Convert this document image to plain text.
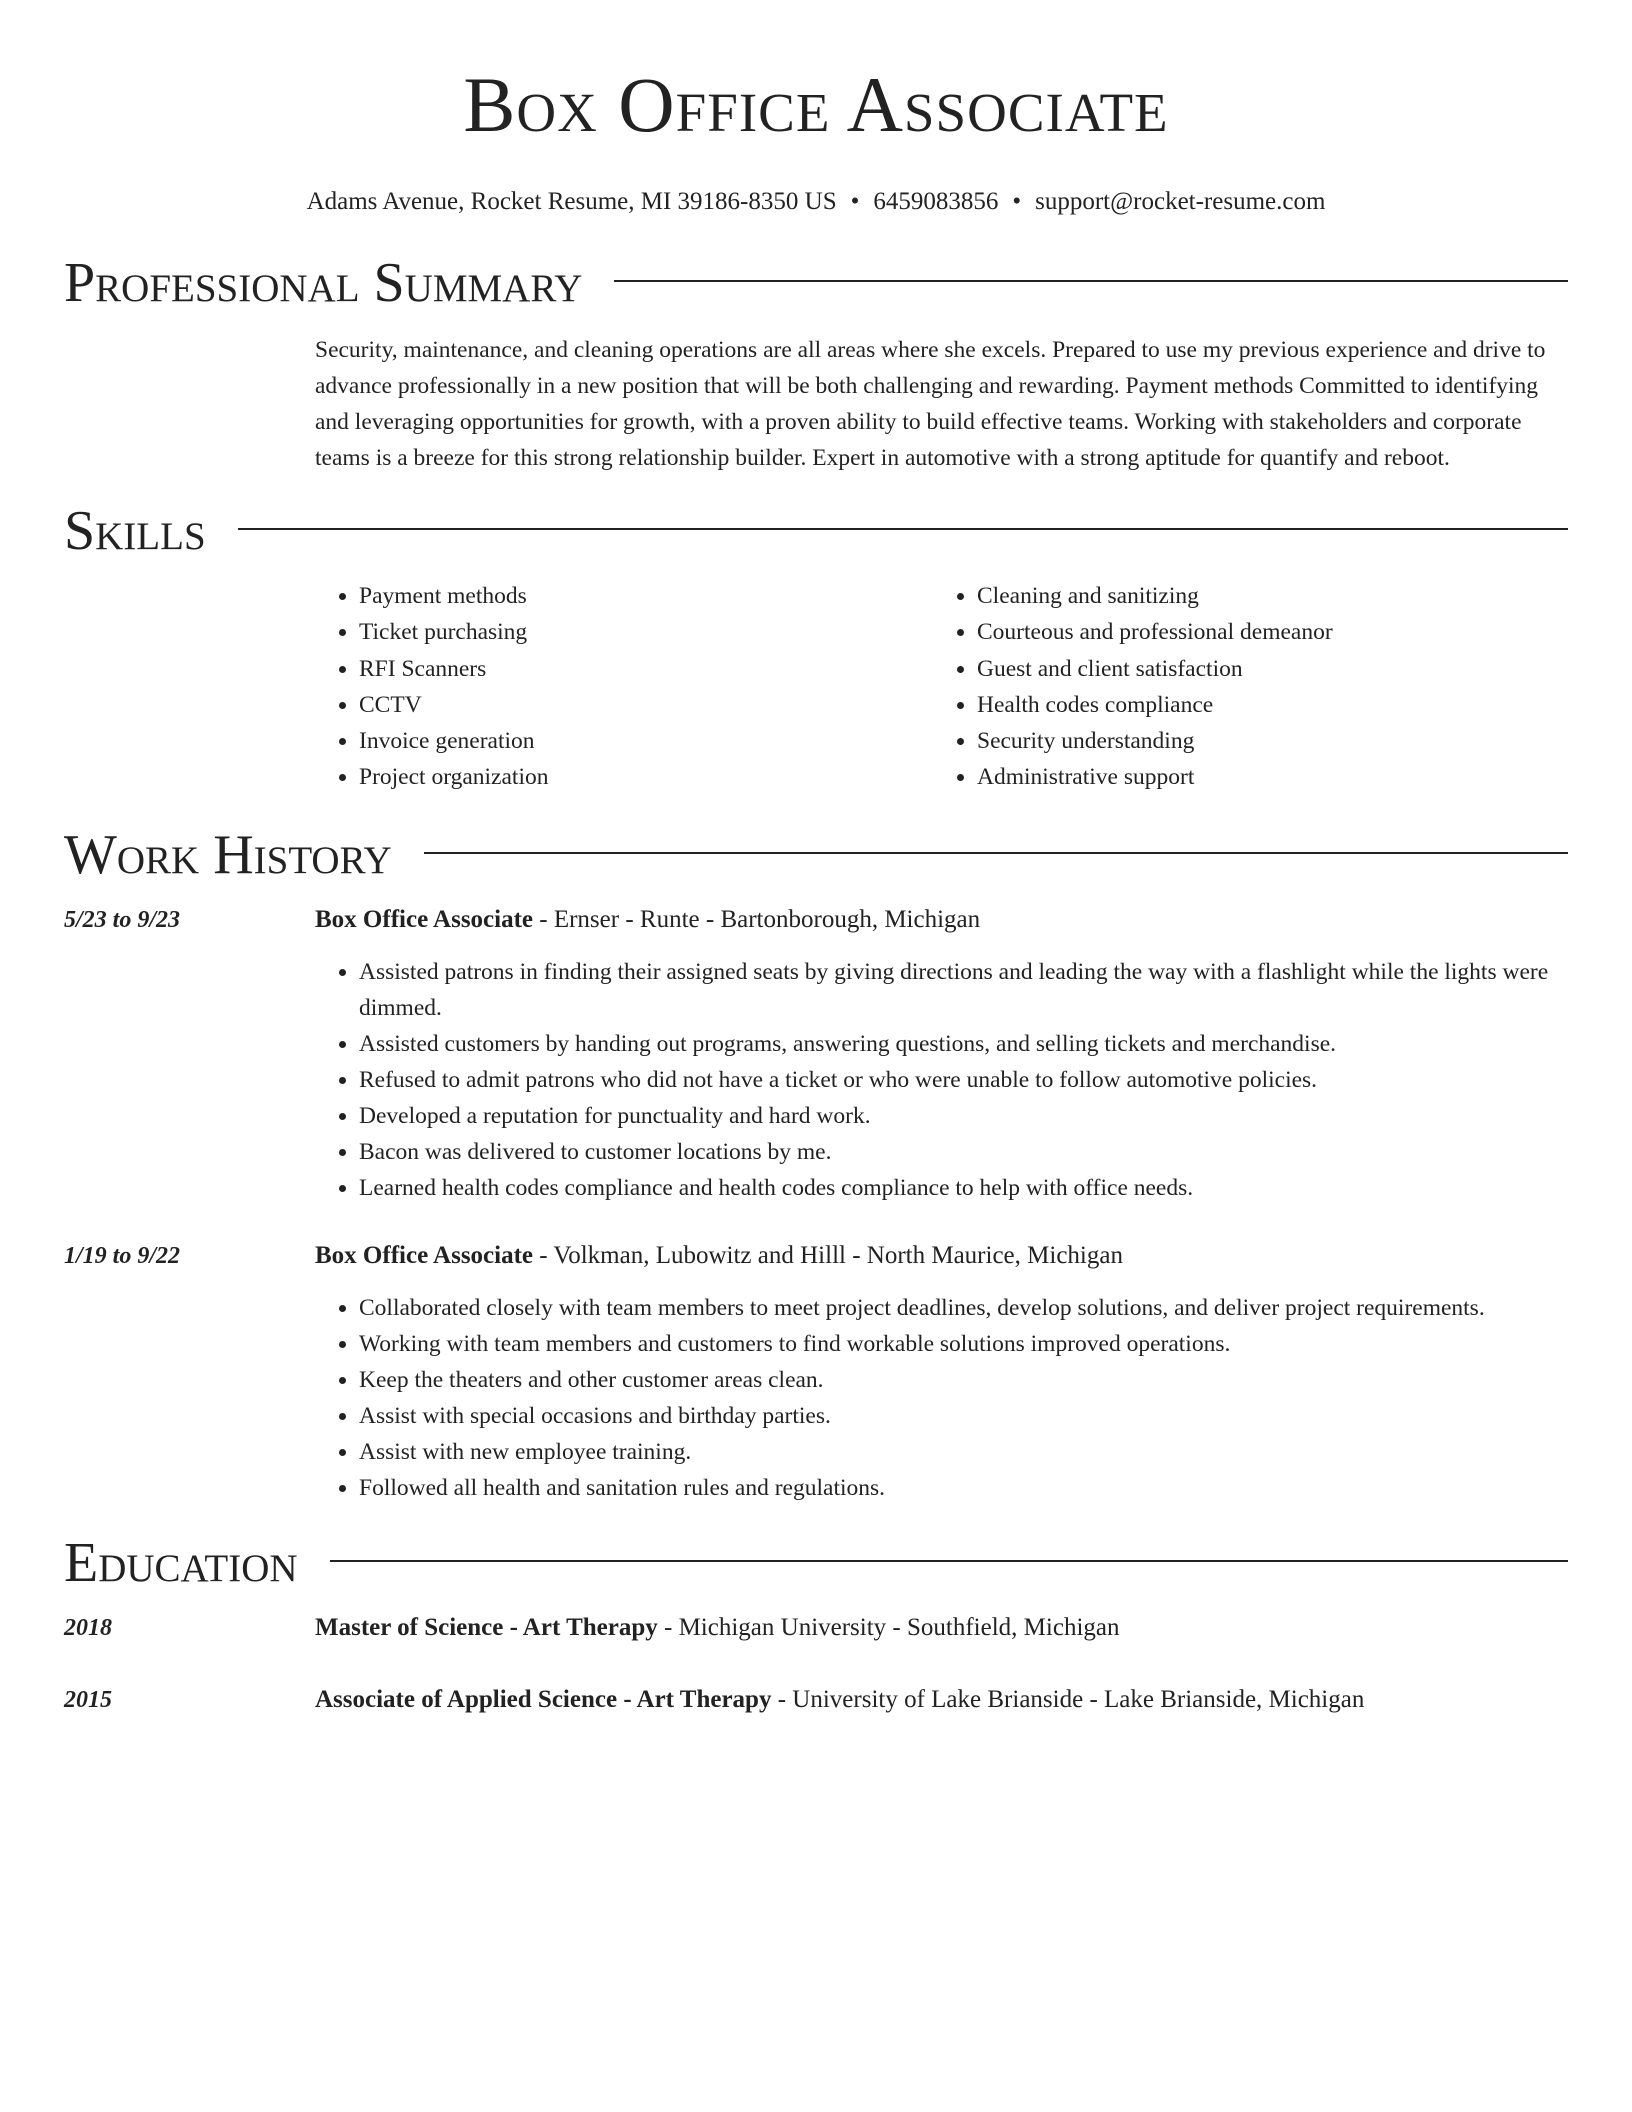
Box Office Associate
Adams Avenue, Rocket Resume, MI 39186-8350 US • 6459083856 • support@rocket-resume.com
Professional Summary
Security, maintenance, and cleaning operations are all areas where she excels. Prepared to use my previous experience and drive to advance professionally in a new position that will be both challenging and rewarding. Payment methods Committed to identifying and leveraging opportunities for growth, with a proven ability to build effective teams. Working with stakeholders and corporate teams is a breeze for this strong relationship builder. Expert in automotive with a strong aptitude for quantify and reboot.
Skills
• Payment methods
• Ticket purchasing
• RFI Scanners
• CCTV
• Invoice generation
• Project organization
• Cleaning and sanitizing
• Courteous and professional demeanor
• Guest and client satisfaction
• Health codes compliance
• Security understanding
• Administrative support
Work History
5/23 to 9/23	Box Office Associate - Ernser - Runte - Bartonborough, Michigan
• Assisted patrons in finding their assigned seats by giving directions and leading the way with a flashlight while the lights were dimmed.
• Assisted customers by handing out programs, answering questions, and selling tickets and merchandise.
• Refused to admit patrons who did not have a ticket or who were unable to follow automotive policies.
• Developed a reputation for punctuality and hard work.
• Bacon was delivered to customer locations by me.
• Learned health codes compliance and health codes compliance to help with office needs.
1/19 to 9/22	Box Office Associate - Volkman, Lubowitz and Hilll - North Maurice, Michigan
• Collaborated closely with team members to meet project deadlines, develop solutions, and deliver project requirements.
• Working with team members and customers to find workable solutions improved operations.
• Keep the theaters and other customer areas clean.
• Assist with special occasions and birthday parties.
• Assist with new employee training.
• Followed all health and sanitation rules and regulations.
Education
2018	Master of Science - Art Therapy - Michigan University - Southfield, Michigan
2015	Associate of Applied Science - Art Therapy - University of Lake Brianside - Lake Brianside, Michigan
